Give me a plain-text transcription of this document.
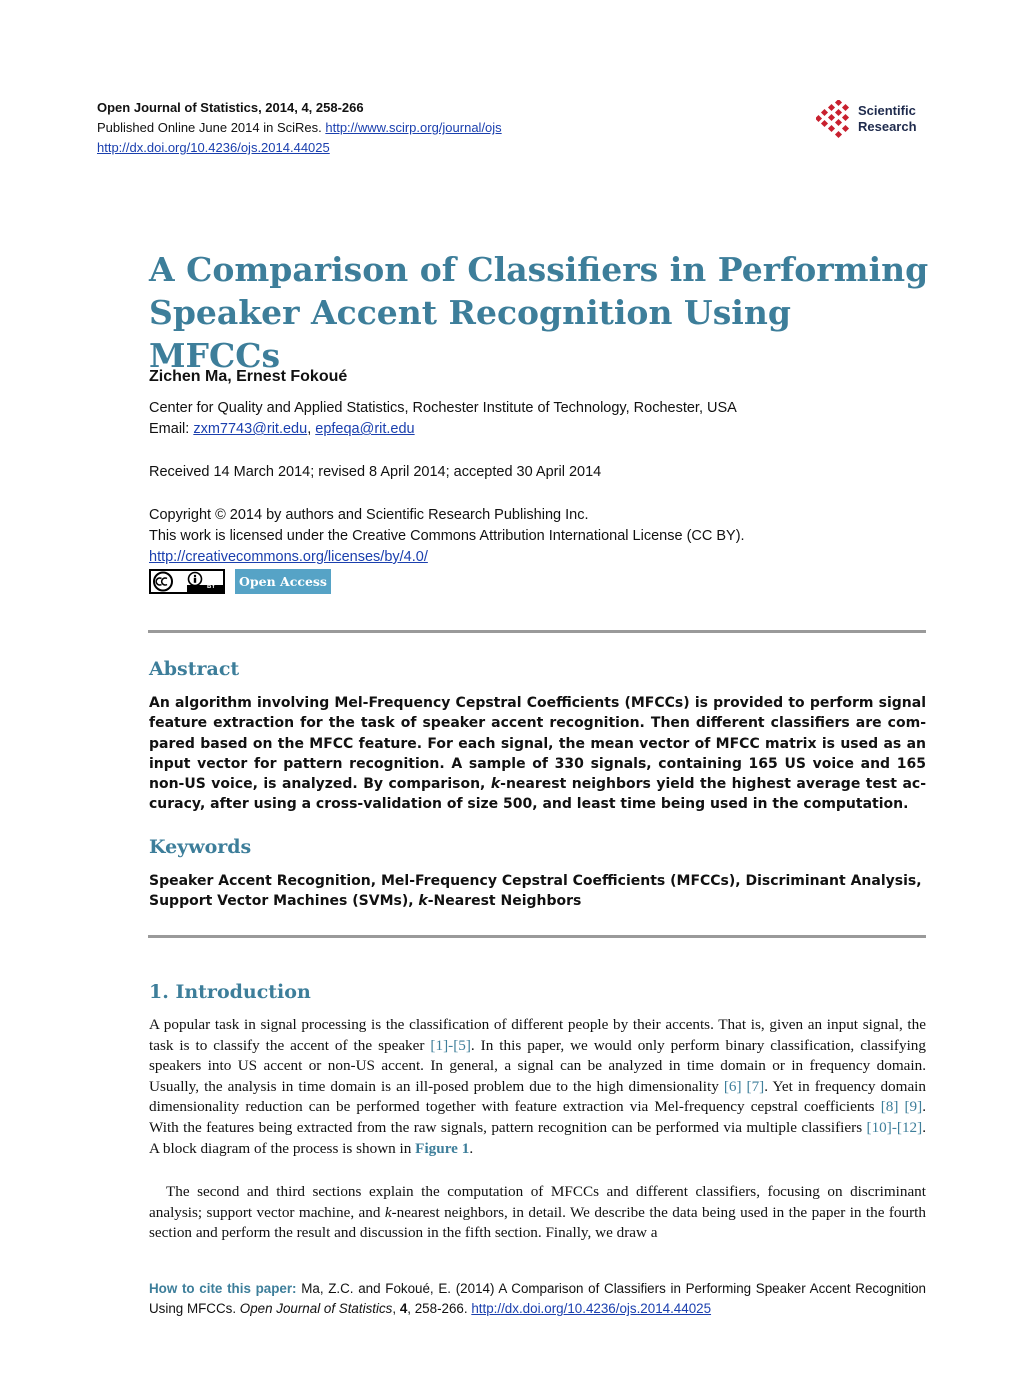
Open Journal of Statistics, 2014, 4, 258-266
Published Online June 2014 in SciRes. http://www.scirp.org/journal/ojs
http://dx.doi.org/10.4236/ojs.2014.44025
Scientific
Research
A Comparison of Classifiers in Performing
Speaker Accent Recognition Using MFCCs
Zichen Ma, Ernest Fokoué
Center for Quality and Applied Statistics, Rochester Institute of Technology, Rochester, USA
Email: zxm7743@rit.edu, epfeqa@rit.edu
Received 14 March 2014; revised 8 April 2014; accepted 30 April 2014
Copyright © 2014 by authors and Scientific Research Publishing Inc.
This work is licensed under the Creative Commons Attribution International License (CC BY).
http://creativecommons.org/licenses/by/4.0/
BY	Open Access
Abstract

An algorithm involving Mel-Frequency Cepstral Coefficients (MFCCs) is provided to perform signal feature extraction for the task of speaker accent recognition. Then different classifiers are compared based on the MFCC feature. For each signal, the mean vector of MFCC matrix is used as an input vector for pattern recognition. A sample of 330 signals, containing 165 US voice and 165 non-US voice, is analyzed. By comparison, k-nearest neighbors yield the highest average test accuracy, after using a cross-validation of size 500, and least time being used in the computation.

Keywords

Speaker Accent Recognition, Mel-Frequency Cepstral Coefficients (MFCCs), Discriminant Analysis, Support Vector Machines (SVMs), k-Nearest Neighbors

1. Introduction

A popular task in signal processing is the classification of different people by their accents. That is, given an input signal, the task is to classify the accent of the speaker [1]-[5]. In this paper, we would only perform binary classification, classifying speakers into US accent or non-US accent. In general, a signal can be analyzed in time domain or in frequency domain. Usually, the analysis in time domain is an ill-posed problem due to the high dimensionality [6] [7]. Yet in frequency domain dimensionality reduction can be performed together with feature extraction via Mel-frequency cepstral coefficients [8] [9]. With the features being extracted from the raw signals, pattern recognition can be performed via multiple classifiers [10]-[12]. A block diagram of the process is shown in Figure 1.

The second and third sections explain the computation of MFCCs and different classifiers, focusing on discriminant analysis; support vector machine, and k-nearest neighbors, in detail. We describe the data being used in the paper in the fourth section and perform the result and discussion in the fifth section. Finally, we draw a

How to cite this paper: Ma, Z.C. and Fokoué, E. (2014) A Comparison of Classifiers in Performing Speaker Accent Recognition Using MFCCs. Open Journal of Statistics, 4, 258-266. http://dx.doi.org/10.4236/ojs.2014.44025
